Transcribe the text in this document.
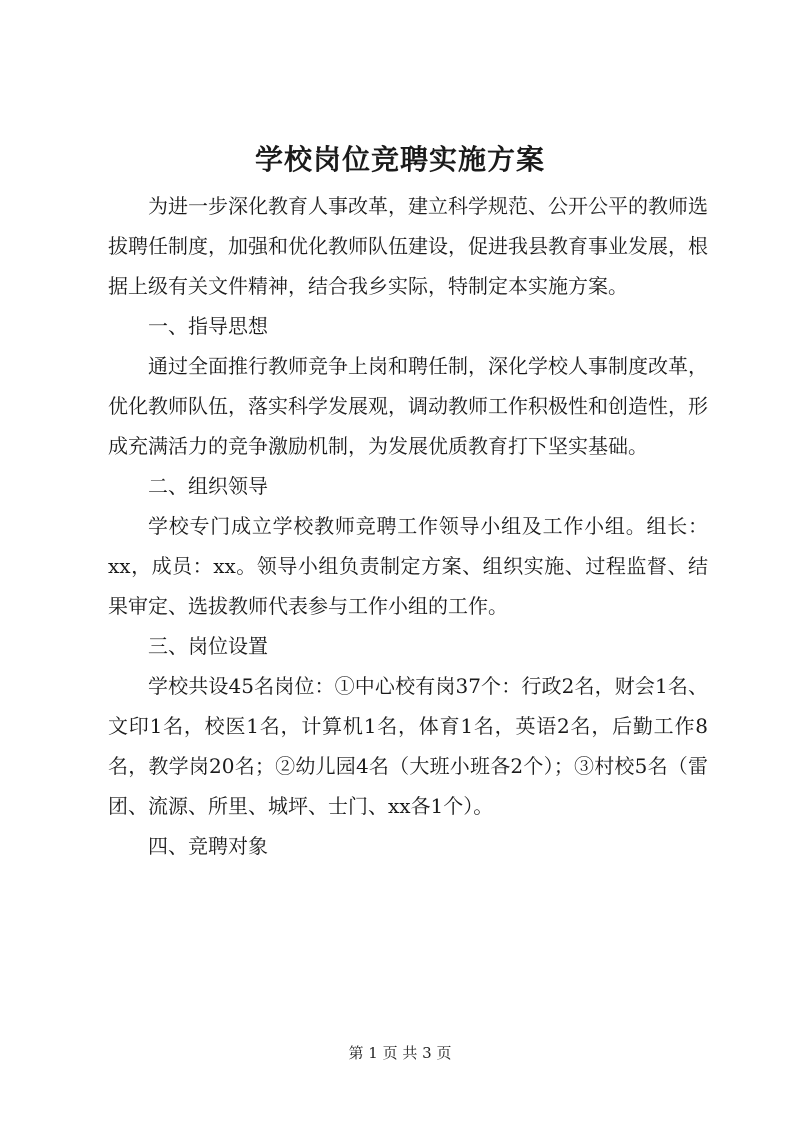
学校岗位竞聘实施方案

为进一步深化教育人事改革，建立科学规范、公开公平的教师选拔聘任制度，加强和优化教师队伍建设，促进我县教育事业发展，根据上级有关文件精神，结合我乡实际，特制定本实施方案。

一、指导思想

通过全面推行教师竞争上岗和聘任制，深化学校人事制度改革，优化教师队伍，落实科学发展观，调动教师工作积极性和创造性，形成充满活力的竞争激励机制，为发展优质教育打下坚实基础。

二、组织领导

学校专门成立学校教师竞聘工作领导小组及工作小组。组长：xx，成员：xx。领导小组负责制定方案、组织实施、过程监督、结果审定、选拔教师代表参与工作小组的工作。

三、岗位设置

学校共设45名岗位：①中心校有岗37个：行政2名，财会1名、文印1名，校医1名，计算机1名，体育1名，英语2名，后勤工作8名，教学岗20名；②幼儿园4名（大班小班各2个）；③村校5名（雷团、流源、所里、城坪、士门、xx各1个）。

四、竞聘对象

第 1 页 共 3 页
